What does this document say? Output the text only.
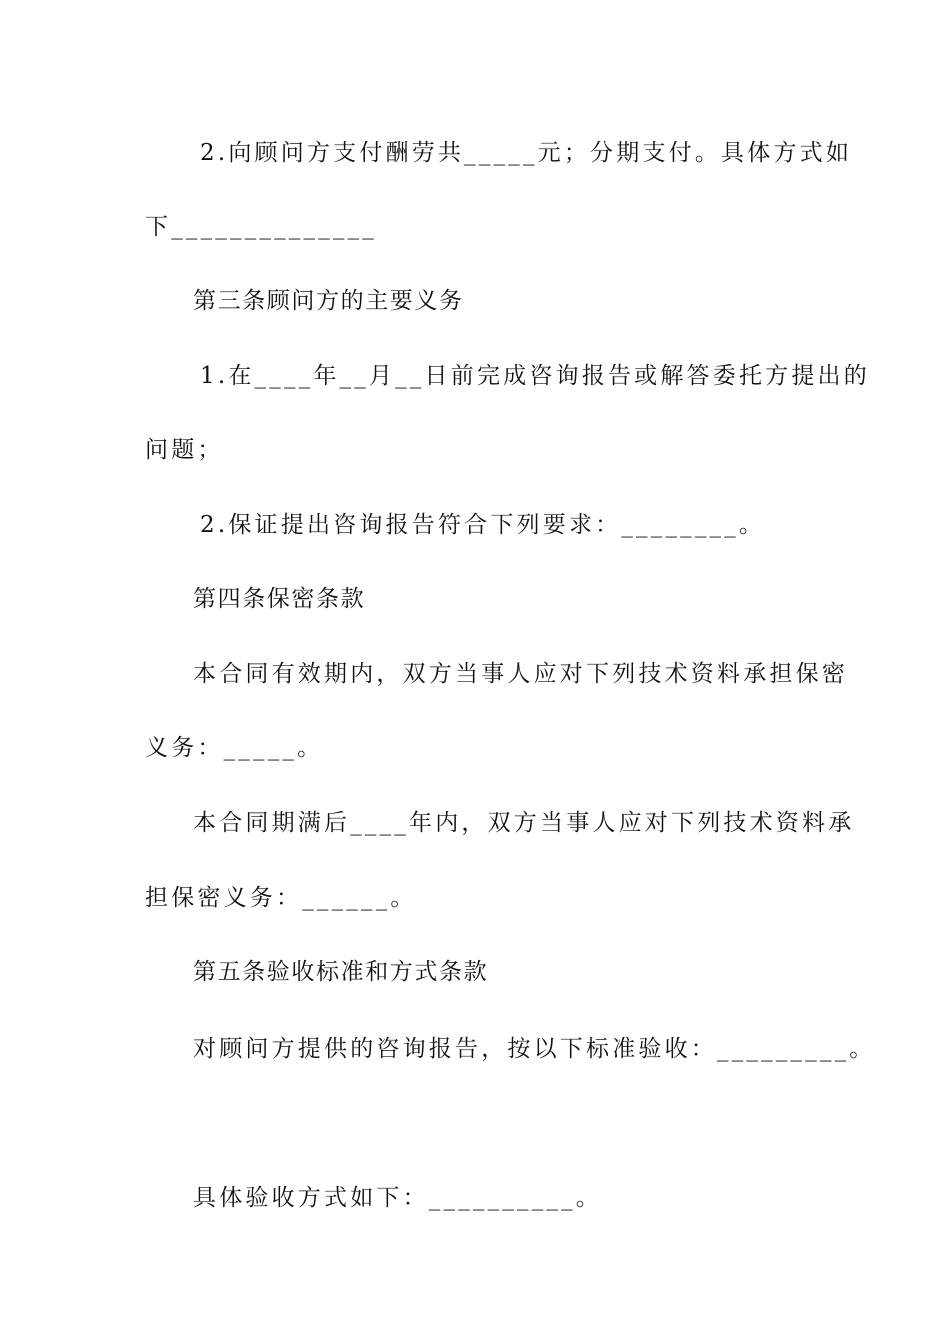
2.向顾问方支付酬劳共_____元；分期支付。具体方式如
下______________
第三条顾问方的主要义务
1.在____年__月__日前完成咨询报告或解答委托方提出的
问题；
2.保证提出咨询报告符合下列要求：________。
第四条保密条款
本合同有效期内，双方当事人应对下列技术资料承担保密
义务：_____。
本合同期满后____年内，双方当事人应对下列技术资料承
担保密义务：______。
第五条验收标准和方式条款
对顾问方提供的咨询报告，按以下标准验收：_________。
具体验收方式如下：__________。
